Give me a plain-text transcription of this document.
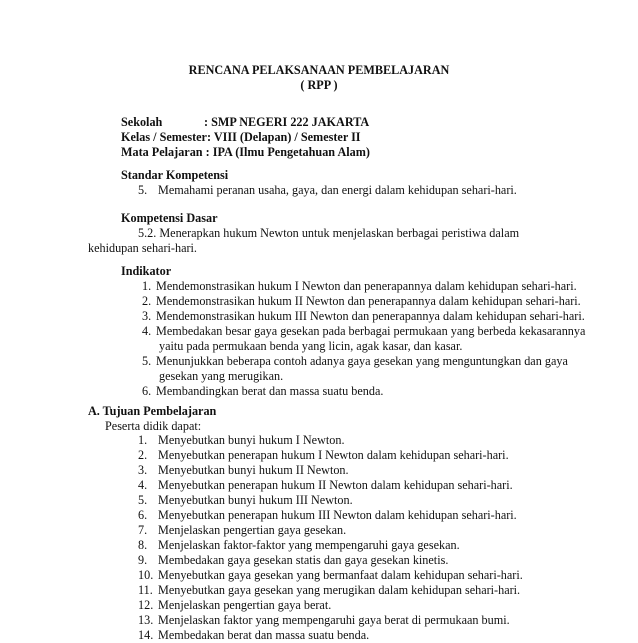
RENCANA PELAKSANAAN PEMBELAJARAN
( RPP )
Sekolah	: SMP NEGERI 222 JAKARTA
Kelas / Semester: VIII (Delapan) / Semester II
Mata Pelajaran : IPA (Ilmu Pengetahuan Alam)
Standar Kompetensi
5. Memahami peranan usaha, gaya, dan energi dalam kehidupan sehari-hari.
Kompetensi Dasar
5.2. Menerapkan hukum Newton untuk menjelaskan berbagai peristiwa dalam
kehidupan sehari-hari.
Indikator
1. Mendemonstrasikan hukum I Newton dan penerapannya dalam kehidupan sehari-hari.
2. Mendemonstrasikan hukum II Newton dan penerapannya dalam kehidupan sehari-hari.
3. Mendemonstrasikan hukum III Newton dan penerapannya dalam kehidupan sehari-hari.
4. Membedakan besar gaya gesekan pada berbagai permukaan yang berbeda kekasarannya
yaitu pada permukaan benda yang licin, agak kasar, dan kasar.
5. Menunjukkan beberapa contoh adanya gaya gesekan yang menguntungkan dan gaya
gesekan yang merugikan.
6. Membandingkan berat dan massa suatu benda.
A. Tujuan Pembelajaran
Peserta didik dapat:
1. Menyebutkan bunyi hukum I Newton.
2. Menyebutkan penerapan hukum I Newton dalam kehidupan sehari-hari.
3. Menyebutkan bunyi hukum II Newton.
4. Menyebutkan penerapan hukum II Newton dalam kehidupan sehari-hari.
5. Menyebutkan bunyi hukum III Newton.
6. Menyebutkan penerapan hukum III Newton dalam kehidupan sehari-hari.
7. Menjelaskan pengertian gaya gesekan.
8. Menjelaskan faktor-faktor yang mempengaruhi gaya gesekan.
9. Membedakan gaya gesekan statis dan gaya gesekan kinetis.
10. Menyebutkan gaya gesekan yang bermanfaat dalam kehidupan sehari-hari.
11. Menyebutkan gaya gesekan yang merugikan dalam kehidupan sehari-hari.
12. Menjelaskan pengertian gaya berat.
13. Menjelaskan faktor yang mempengaruhi gaya berat di permukaan bumi.
14. Membedakan berat dan massa suatu benda.
